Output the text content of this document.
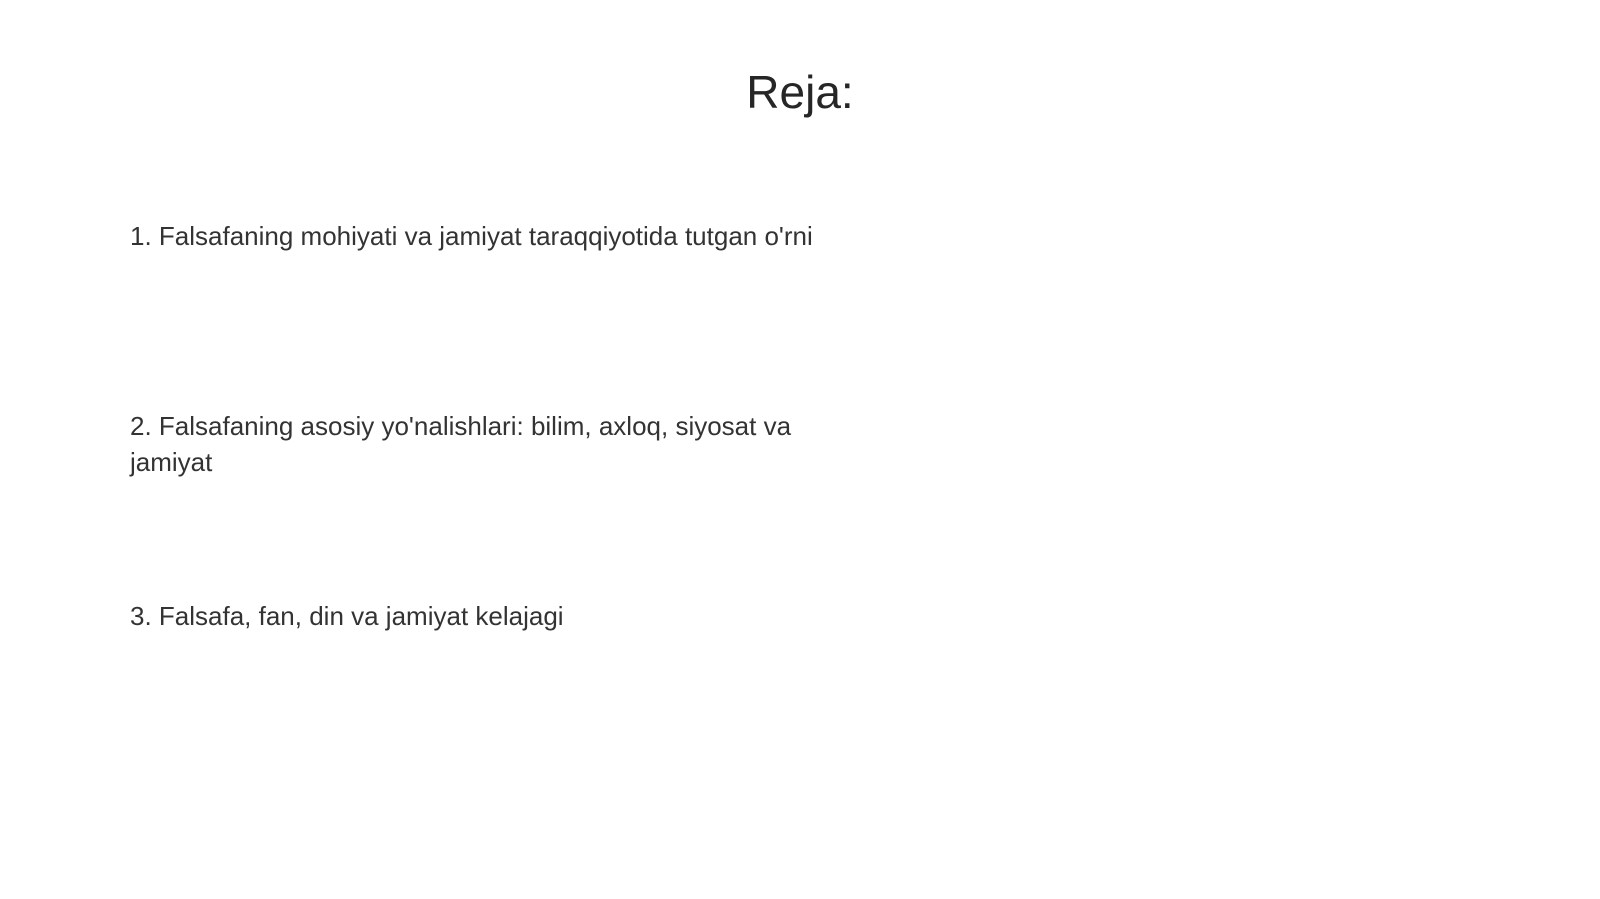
Reja:
1. Falsafaning mohiyati va jamiyat taraqqiyotida tutgan o'rni
2. Falsafaning asosiy yo'nalishlari: bilim, axloq, siyosat va jamiyat
3. Falsafa, fan, din va jamiyat kelajagi
